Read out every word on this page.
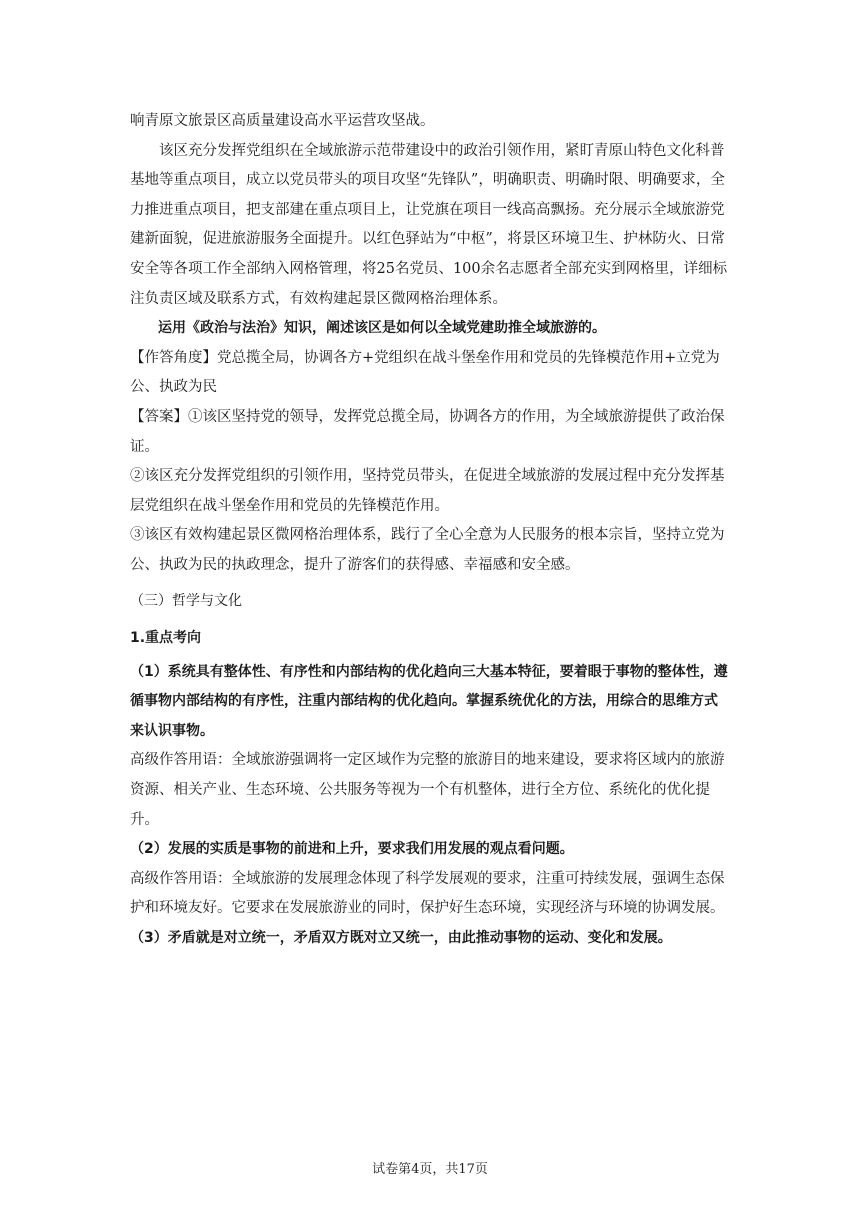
响青原文旅景区高质量建设高水平运营攻坚战。

该区充分发挥党组织在全域旅游示范带建设中的政治引领作用，紧盯青原山特色文化科普基地等重点项目，成立以党员带头的项目攻坚“先锋队”，明确职责、明确时限、明确要求，全力推进重点项目，把支部建在重点项目上，让党旗在项目一线高高飘扬。充分展示全域旅游党建新面貌，促进旅游服务全面提升。以红色驿站为“中枢”，将景区环境卫生、护林防火、日常安全等各项工作全部纳入网格管理，将25名党员、100余名志愿者全部充实到网格里，详细标注负责区域及联系方式，有效构建起景区微网格治理体系。

运用《政治与法治》知识，阐述该区是如何以全域党建助推全域旅游的。

【作答角度】党总揽全局，协调各方+党组织在战斗堡垒作用和党员的先锋模范作用+立党为公、执政为民

【答案】①该区坚持党的领导，发挥党总揽全局，协调各方的作用，为全域旅游提供了政治保证。

②该区充分发挥党组织的引领作用，坚持党员带头，在促进全域旅游的发展过程中充分发挥基层党组织在战斗堡垒作用和党员的先锋模范作用。

③该区有效构建起景区微网格治理体系，践行了全心全意为人民服务的根本宗旨，坚持立党为公、执政为民的执政理念，提升了游客们的获得感、幸福感和安全感。

（三）哲学与文化

1.重点考向

（1）系统具有整体性、有序性和内部结构的优化趋向三大基本特征，要着眼于事物的整体性，遵循事物内部结构的有序性，注重内部结构的优化趋向。掌握系统优化的方法，用综合的思维方式来认识事物。

高级作答用语：全域旅游强调将一定区域作为完整的旅游目的地来建设，要求将区域内的旅游资源、相关产业、生态环境、公共服务等视为一个有机整体，进行全方位、系统化的优化提升。

（2）发展的实质是事物的前进和上升，要求我们用发展的观点看问题。

高级作答用语：全域旅游的发展理念体现了科学发展观的要求，注重可持续发展，强调生态保护和环境友好。它要求在发展旅游业的同时，保护好生态环境，实现经济与环境的协调发展。

（3）矛盾就是对立统一，矛盾双方既对立又统一，由此推动事物的运动、变化和发展。

试卷第4页，共17页
